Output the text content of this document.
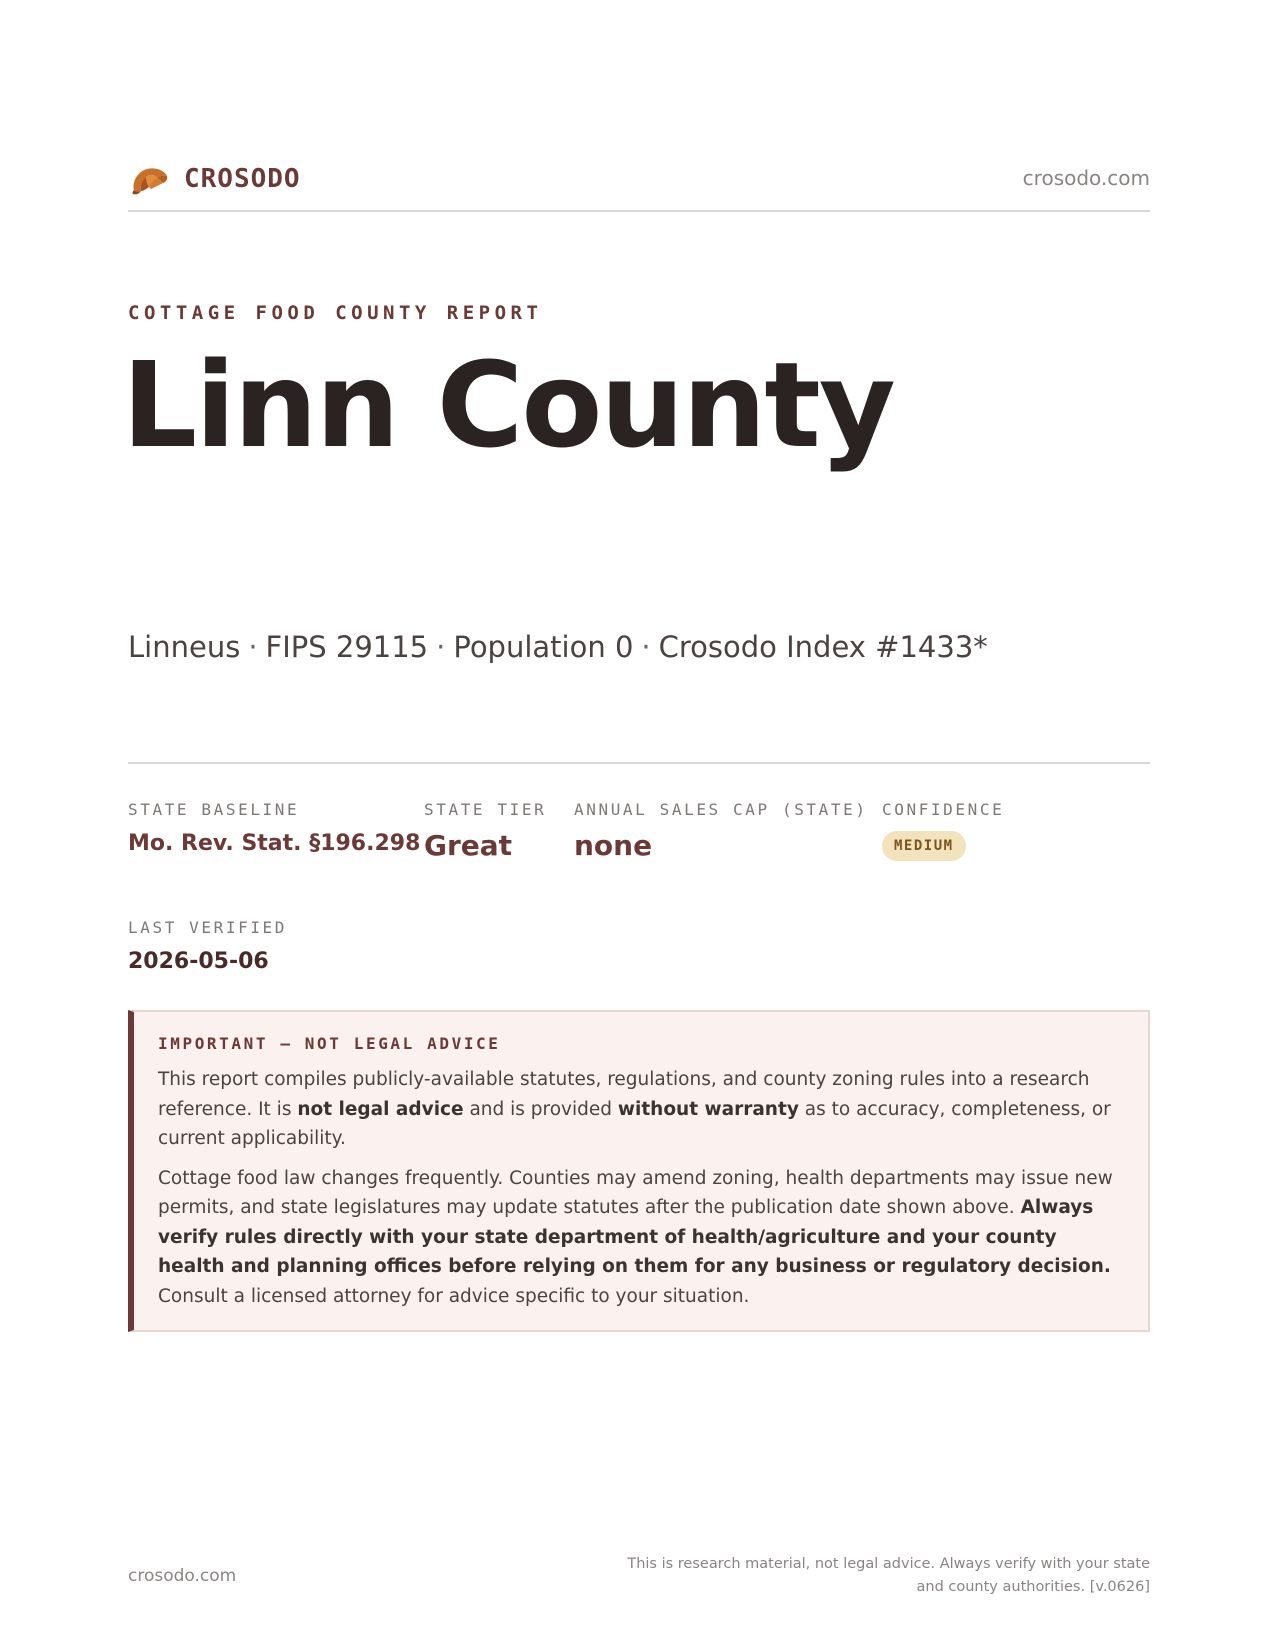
CROSODO	crosodo.com
COTTAGE FOOD COUNTY REPORT
Linn County
Linneus · FIPS 29115 · Population 0 · Crosodo Index #1433*
STATE BASELINE
Mo. Rev. Stat. §196.298
STATE TIER
Great
ANNUAL SALES CAP (STATE)
none
CONFIDENCE
MEDIUM
LAST VERIFIED
2026-05-06
IMPORTANT — NOT LEGAL ADVICE

This report compiles publicly-available statutes, regulations, and county zoning rules into a research reference. It is not legal advice and is provided without warranty as to accuracy, completeness, or current applicability.

Cottage food law changes frequently. Counties may amend zoning, health departments may issue new permits, and state legislatures may update statutes after the publication date shown above. Always verify rules directly with your state department of health/agriculture and your county health and planning offices before relying on them for any business or regulatory decision. Consult a licensed attorney for advice specific to your situation.

crosodo.com
This is research material, not legal advice. Always verify with your state
and county authorities. [v.0626]
